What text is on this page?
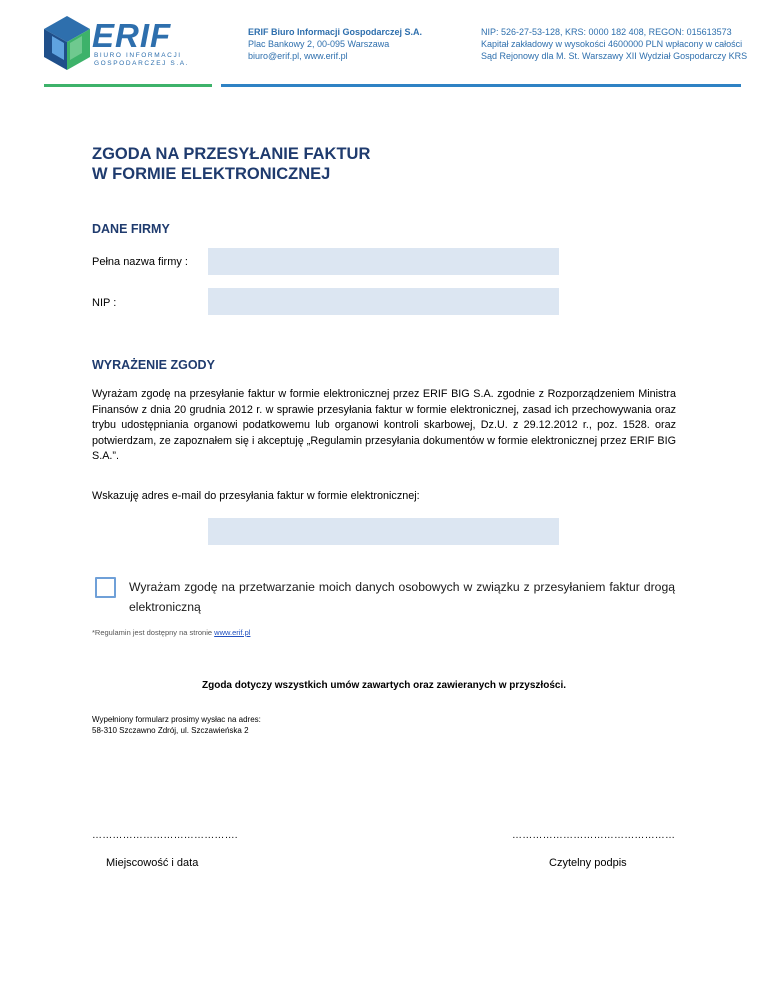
ERIF
BIURO INFORMACJI
GOSPODARCZEJ S.A.
ERIF Biuro Informacji Gospodarczej S.A.
Plac Bankowy 2, 00-095 Warszawa
biuro@erif.pl, www.erif.pl
NIP: 526-27-53-128, KRS: 0000 182 408, REGON: 015613573
Kapitał zakładowy w wysokości 4600000 PLN wpłacony w całości
Sąd Rejonowy dla M. St. Warszawy XII Wydział Gospodarczy KRS
ZGODA NA PRZESYŁANIE FAKTUR
W FORMIE ELEKTRONICZNEJ
DANE FIRMY
Pełna nazwa firmy :
NIP :
WYRAŻENIE ZGODY
Wyrażam zgodę na przesyłanie faktur w formie elektronicznej przez ERIF BIG S.A. zgodnie z Rozporządzeniem Ministra Finansów z dnia 20 grudnia 2012 r. w sprawie przesyłania faktur w formie elektronicznej, zasad ich przechowywania oraz trybu udostępniania organowi podatkowemu lub organowi kontroli skarbowej, Dz.U. z 29.12.2012 r., poz. 1528. oraz potwierdzam, ze zapoznałem się i akceptuję „Regulamin przesyłania dokumentów w formie elektronicznej przez ERIF BIG S.A.”.
Wskazuję adres e-mail do przesyłania faktur w formie elektronicznej:
Wyrażam zgodę na przetwarzanie moich danych osobowych w związku z przesyłaniem faktur drogą elektroniczną
*Regulamin jest dostępny na stronie www.erif.pl
Zgoda dotyczy wszystkich umów zawartych oraz zawieranych w przyszłości.
Wypełniony formularz prosimy wysłac na adres:
58-310 Szczawno Zdrój, ul. Szczawieńska 2
…………………………………….	…………………………………………
Miejscowość i data	Czytelny podpis
